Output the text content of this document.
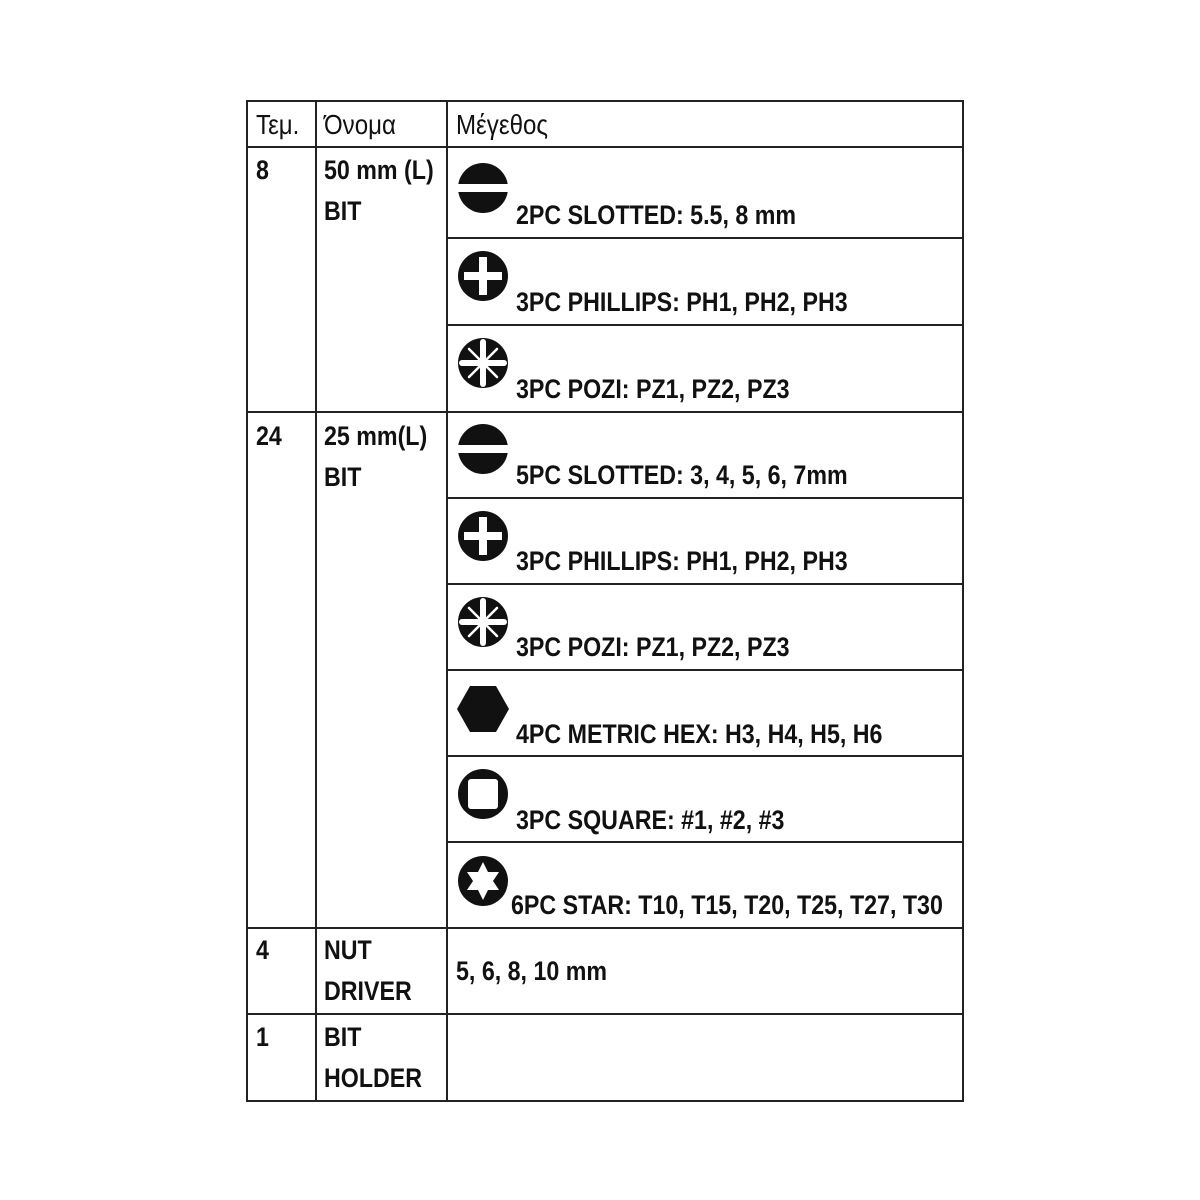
Τεμ. Όνομα Μέγεθος
8 50 mm (L)
BIT
24 25 mm(L)
BIT
4 NUT
DRIVER
5, 6, 8, 10 mm
1 BIT
HOLDER
2PC SLOTTED: 5.5, 8 mm
3PC PHILLIPS: PH1, PH2, PH3
3PC POZI: PZ1, PZ2, PZ3
5PC SLOTTED: 3, 4, 5, 6, 7mm
3PC PHILLIPS: PH1, PH2, PH3
3PC POZI: PZ1, PZ2, PZ3
4PC METRIC HEX: H3, H4, H5, H6
3PC SQUARE: #1, #2, #3
6PC STAR: T10, T15, T20, T25, T27, T30
